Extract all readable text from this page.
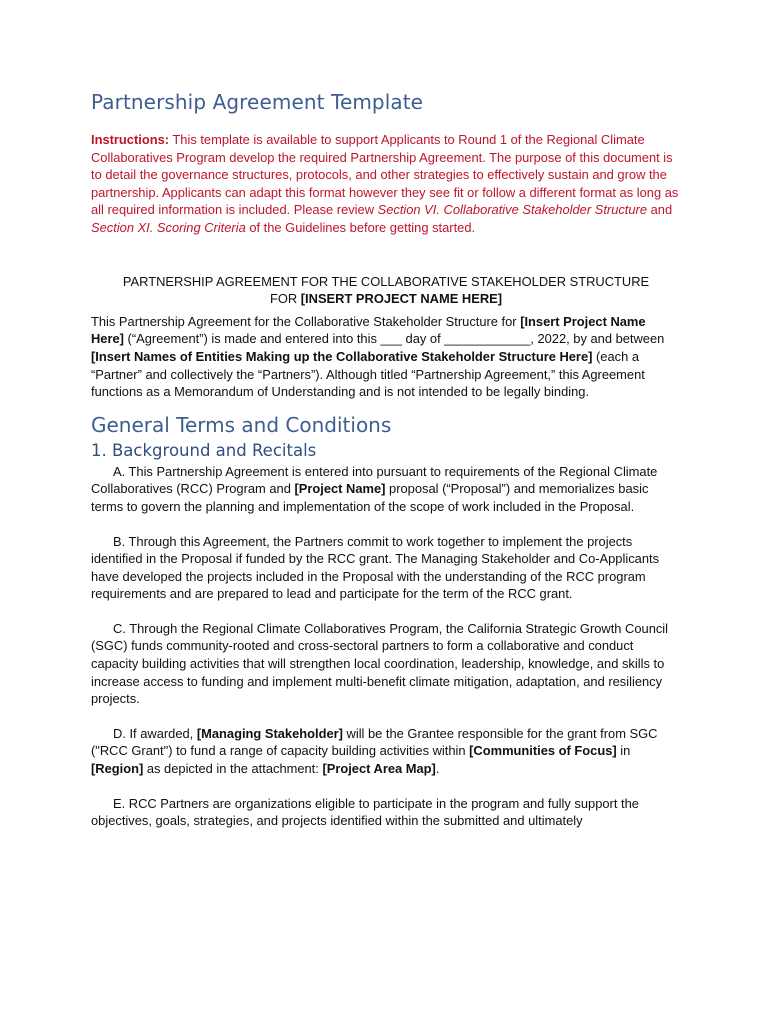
Partnership Agreement Template

Instructions: This template is available to support Applicants to Round 1 of the Regional Climate Collaboratives Program develop the required Partnership Agreement. The purpose of this document is to detail the governance structures, protocols, and other strategies to effectively sustain and grow the partnership. Applicants can adapt this format however they see fit or follow a different format as long as all required information is included. Please review Section VI. Collaborative Stakeholder Structure and Section XI. Scoring Criteria of the Guidelines before getting started.

PARTNERSHIP AGREEMENT FOR THE COLLABORATIVE STAKEHOLDER STRUCTURE
FOR [INSERT PROJECT NAME HERE]

This Partnership Agreement for the Collaborative Stakeholder Structure for [Insert Project Name Here] (“Agreement”) is made and entered into this ___ day of ____________, 2022, by and between [Insert Names of Entities Making up the Collaborative Stakeholder Structure Here] (each a “Partner” and collectively the “Partners”). Although titled “Partnership Agreement,” this Agreement functions as a Memorandum of Understanding and is not intended to be legally binding.

General Terms and Conditions
1. Background and Recitals

A. This Partnership Agreement is entered into pursuant to requirements of the Regional Climate Collaboratives (RCC) Program and [Project Name] proposal (“Proposal”) and memorializes basic terms to govern the planning and implementation of the scope of work included in the Proposal.

B. Through this Agreement, the Partners commit to work together to implement the projects identified in the Proposal if funded by the RCC grant. The Managing Stakeholder and Co-Applicants have developed the projects included in the Proposal with the understanding of the RCC program requirements and are prepared to lead and participate for the term of the RCC grant.

C. Through the Regional Climate Collaboratives Program, the California Strategic Growth Council (SGC) funds community-rooted and cross-sectoral partners to form a collaborative and conduct capacity building activities that will strengthen local coordination, leadership, knowledge, and skills to increase access to funding and implement multi-benefit climate mitigation, adaptation, and resiliency projects.

D. If awarded, [Managing Stakeholder] will be the Grantee responsible for the grant from SGC ("RCC Grant") to fund a range of capacity building activities within [Communities of Focus] in [Region] as depicted in the attachment: [Project Area Map].

E. RCC Partners are organizations eligible to participate in the program and fully support the objectives, goals, strategies, and projects identified within the submitted and ultimately
